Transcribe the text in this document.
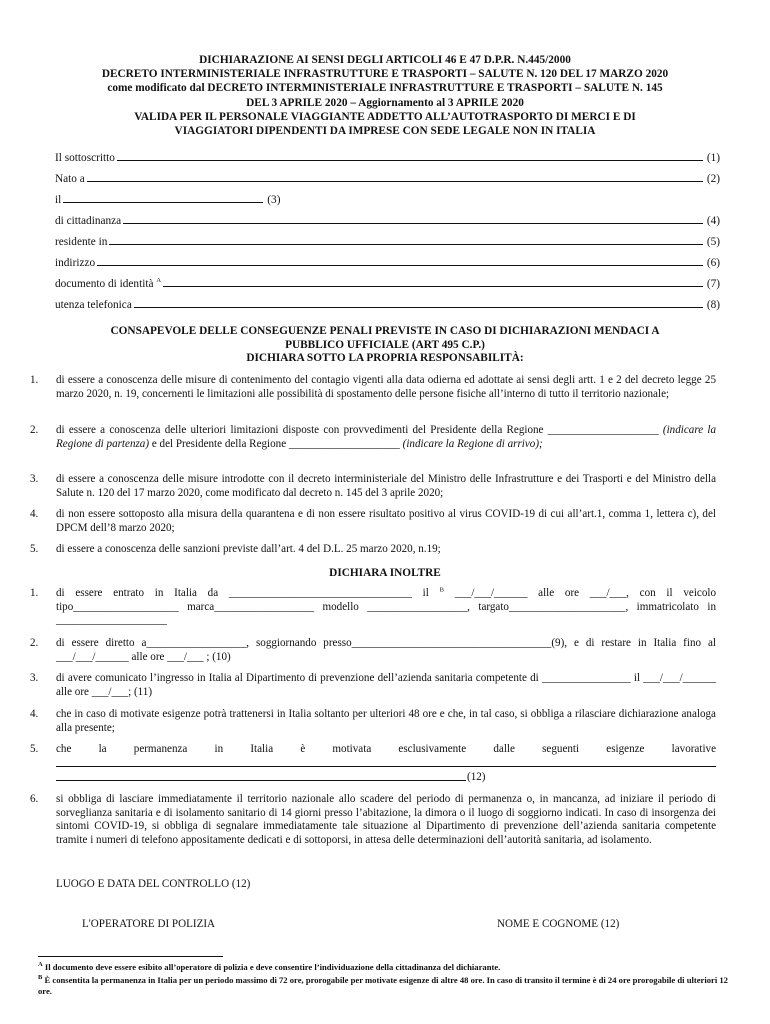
DICHIARAZIONE AI SENSI DEGLI ARTICOLI 46 E 47 D.P.R. N.445/2000
DECRETO INTERMINISTERIALE INFRASTRUTTURE E TRASPORTI – SALUTE N. 120 DEL 17 MARZO 2020
come modificato dal DECRETO INTERMINISTERIALE INFRASTRUTTURE E TRASPORTI – SALUTE N. 145
DEL 3 APRILE 2020 – Aggiornamento al 3 APRILE 2020
VALIDA PER IL PERSONALE VIAGGIANTE ADDETTO ALL’AUTOTRASPORTO DI MERCI E DI
VIAGGIATORI DIPENDENTI DA IMPRESE CON SEDE LEGALE NON IN ITALIA
Il sottoscritto	(1)
Nato a	(2)
il	(3)
di cittadinanza	(4)
residente in	(5)
indirizzo	(6)
documento di identità $^A$	(7)
utenza telefonica	(8)
CONSAPEVOLE DELLE CONSEGUENZE PENALI PREVISTE IN CASO DI DICHIARAZIONI MENDACI A
PUBBLICO UFFICIALE (ART 495 C.P.)
DICHIARA SOTTO LA PROPRIA RESPONSABILITÀ:
1. di essere a conoscenza delle misure di contenimento del contagio vigenti alla data odierna ed adottate ai sensi degli artt. 1 e 2 del decreto legge 25 marzo 2020, n. 19, concernenti le limitazioni alle possibilità di spostamento delle persone fisiche all’interno di tutto il territorio nazionale;
2. di essere a conoscenza delle ulteriori limitazioni disposte con provvedimenti del Presidente della Regione ____________________ (indicare la Regione di partenza) e del Presidente della Regione ____________________ (indicare la Regione di arrivo);
3. di essere a conoscenza delle misure introdotte con il decreto interministeriale del Ministro delle Infrastrutture e dei Trasporti e del Ministro della Salute n. 120 del 17 marzo 2020, come modificato dal decreto n. 145 del 3 aprile 2020;
4. di non essere sottoposto alla misura della quarantena e di non essere risultato positivo al virus COVID-19 di cui all’art.1, comma 1, lettera c), del DPCM dell’8 marzo 2020;
5. di essere a conoscenza delle sanzioni previste dall’art. 4 del D.L. 25 marzo 2020, n.19;
DICHIARA INOLTRE
1. di essere entrato in Italia da _________________________________ il $^B$ ___/___/______ alle ore ___/___, con il veicolo tipo___________________ marca__________________ modello __________________, targato_____________________, immatricolato in ____________________
2. di essere diretto a__________________, soggiornando presso____________________________________(9), e di restare in Italia fino al ___/___/______ alle ore ___/___ ; (10)
3. di avere comunicato l’ingresso in Italia al Dipartimento di prevenzione dell’azienda sanitaria competente di ________________ il ___/___/______ alle ore ___/___; (11)
4. che in caso di motivate esigenze potrà trattenersi in Italia soltanto per ulteriori 48 ore e che, in tal caso, si obbliga a rilasciare dichiarazione analoga alla presente;
5. che la permanenza in Italia è motivata esclusivamente dalle seguenti esigenze lavorative
(12)
6. si obbliga di lasciare immediatamente il territorio nazionale allo scadere del periodo di permanenza o, in mancanza, ad iniziare il periodo di sorveglianza sanitaria e di isolamento sanitario di 14 giorni presso l’abitazione, la dimora o il luogo di soggiorno indicati. In caso di insorgenza dei sintomi COVID-19, si obbliga di segnalare immediatamente tale situazione al Dipartimento di prevenzione dell’azienda sanitaria competente tramite i numeri di telefono appositamente dedicati e di sottoporsi, in attesa delle determinazioni dell’autorità sanitaria, ad isolamento.
LUOGO E DATA DEL CONTROLLO (12)
L'OPERATORE DI POLIZIA	NOME E COGNOME (12)
$^A$ Il documento deve essere esibito all’operatore di polizia e deve consentire l’individuazione della cittadinanza del dichiarante.
$^B$ È consentita la permanenza in Italia per un periodo massimo di 72 ore, prorogabile per motivate esigenze di altre 48 ore. In caso di transito il termine è di 24 ore prorogabile di ulteriori 12 ore.
